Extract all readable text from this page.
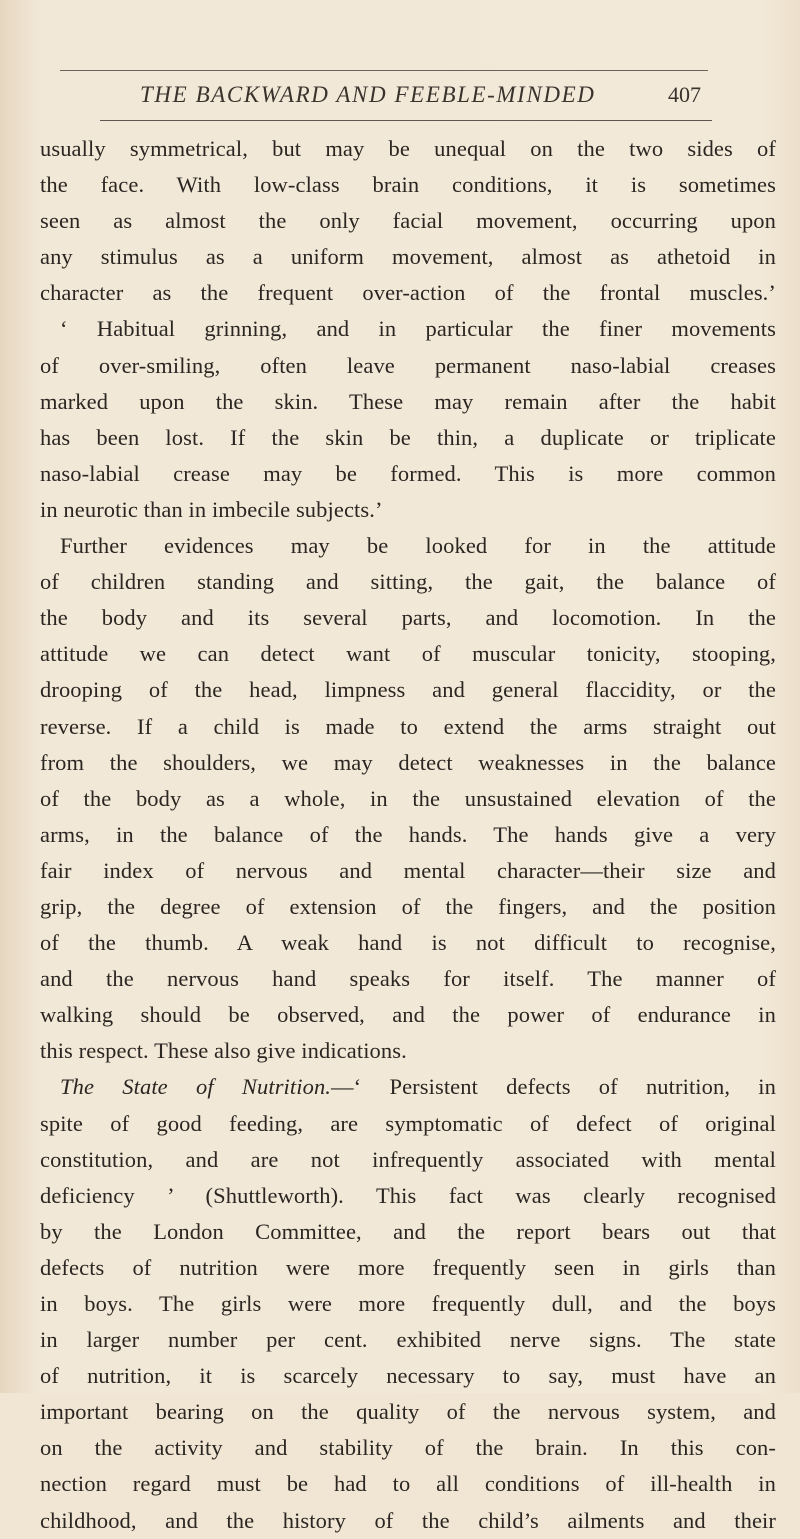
THE BACKWARD AND FEEBLE-MINDED	407
usually symmetrical, but may be unequal on the two sides of
the face. With low-class brain conditions, it is sometimes
seen as almost the only facial movement, occurring upon
any stimulus as a uniform movement, almost as athetoid in
character as the frequent over-action of the frontal muscles.’
‘ Habitual grinning, and in particular the finer movements
of over-smiling, often leave permanent naso-labial creases
marked upon the skin. These may remain after the habit
has been lost. If the skin be thin, a duplicate or triplicate
naso-labial crease may be formed. This is more common
in neurotic than in imbecile subjects.’
Further evidences may be looked for in the attitude
of children standing and sitting, the gait, the balance of
the body and its several parts, and locomotion. In the
attitude we can detect want of muscular tonicity, stooping,
drooping of the head, limpness and general flaccidity, or the
reverse. If a child is made to extend the arms straight out
from the shoulders, we may detect weaknesses in the balance
of the body as a whole, in the unsustained elevation of the
arms, in the balance of the hands. The hands give a very
fair index of nervous and mental character—their size and
grip, the degree of extension of the fingers, and the position
of the thumb. A weak hand is not difficult to recognise,
and the nervous hand speaks for itself. The manner of
walking should be observed, and the power of endurance in
this respect. These also give indications.
The State of Nutrition.—‘ Persistent defects of nutrition, in
spite of good feeding, are symptomatic of defect of original
constitution, and are not infrequently associated with mental
deficiency ’ (Shuttleworth). This fact was clearly recognised
by the London Committee, and the report bears out that
defects of nutrition were more frequently seen in girls than
in boys. The girls were more frequently dull, and the boys
in larger number per cent. exhibited nerve signs. The state
of nutrition, it is scarcely necessary to say, must have an
important bearing on the quality of the nervous system, and
on the activity and stability of the brain. In this con-
nection regard must be had to all conditions of ill-health in
childhood, and the history of the child’s ailments and their
